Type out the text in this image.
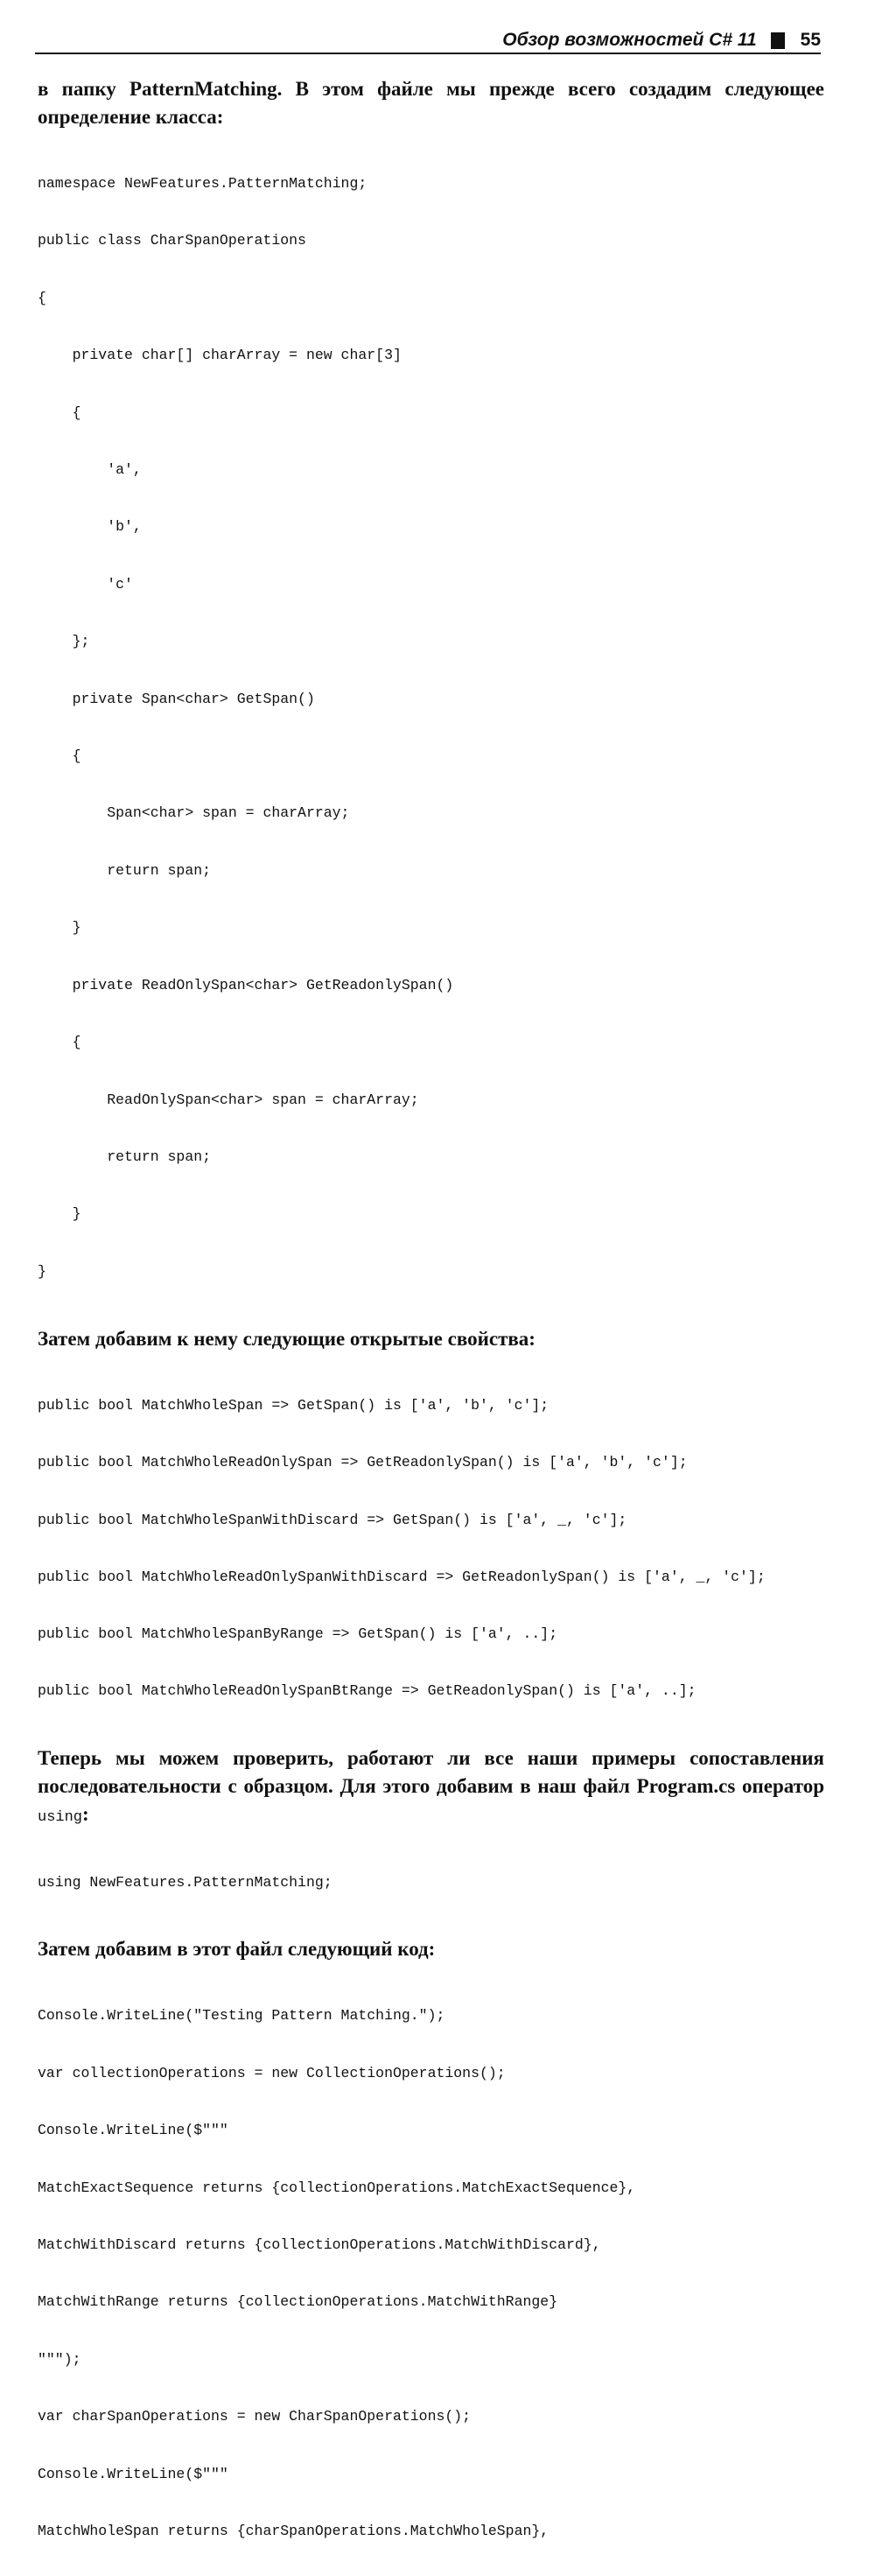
Обзор возможностей C# 11 55

в папку PatternMatching. В этом файле мы прежде всего создадим следующее определение класса:

namespace NewFeatures.PatternMatching;

public class CharSpanOperations

{

private char[] charArray = new char[3]

{

'a',

'b',

'c'

};

private Span<char> GetSpan()

{

Span<char> span = charArray;

return span;

}

private ReadOnlySpan<char> GetReadonlySpan()

{

ReadOnlySpan<char> span = charArray;

return span;

}

}

Затем добавим к нему следующие открытые свойства:

public bool MatchWholeSpan => GetSpan() is ['a', 'b', 'c'];

public bool MatchWholeReadOnlySpan => GetReadonlySpan() is ['a', 'b', 'c'];

public bool MatchWholeSpanWithDiscard => GetSpan() is ['a', _, 'c'];

public bool MatchWholeReadOnlySpanWithDiscard => GetReadonlySpan() is ['a', _, 'c'];

public bool MatchWholeSpanByRange => GetSpan() is ['a', ..];

public bool MatchWholeReadOnlySpanBtRange => GetReadonlySpan() is ['a', ..];

Теперь мы можем проверить, работают ли все наши примеры сопоставления последовательности с образцом. Для этого добавим в наш файл Program.cs оператор using:

using NewFeatures.PatternMatching;

Затем добавим в этот файл следующий код:

Console.WriteLine("Testing Pattern Matching.");

var collectionOperations = new CollectionOperations();

Console.WriteLine($"""

MatchExactSequence returns {collectionOperations.MatchExactSequence},

MatchWithDiscard returns {collectionOperations.MatchWithDiscard},

MatchWithRange returns {collectionOperations.MatchWithRange}

""");

var charSpanOperations = new CharSpanOperations();

Console.WriteLine($"""

MatchWholeSpan returns {charSpanOperations.MatchWholeSpan},
